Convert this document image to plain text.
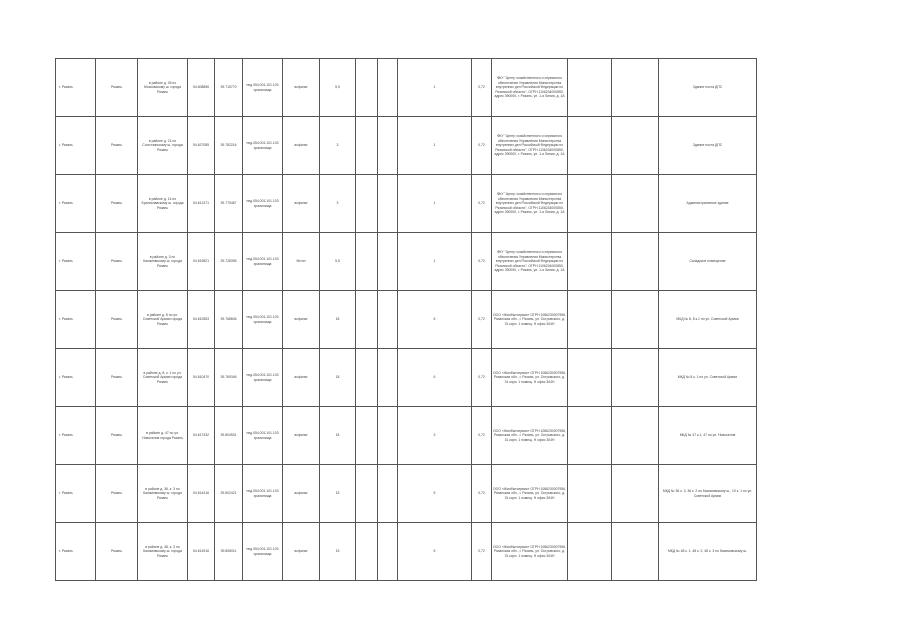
г. Рязань	Рязань	в районе д. 45 по Московскому ш. города Рязань	54.608856	39.715770	нпд.054.001.101.103 хранилища	асфальт	5,5			1	0,72	ФКУ "Центр хозяйственного и сервисного обеспечения Управления Министерства внутренних дел Российской Федерации по Рязанской области", ОГРН 1106234000850, адрес 390000, г. Рязань, ул. 1-я Линия, д. 1А			Здание поста ДПС
г. Рязань	Рязань	в районе д. 21 по Солотчинскому ш. города Рязань	54.627085	39.782216	нпд.054.001.101.103 хранилища	асфальт	3			1	0,72	ФКУ "Центр хозяйственного и сервисного обеспечения Управления Министерства внутренних дел Российской Федерации по Рязанской области", ОГРН 1106234000850, адрес 390000, г. Рязань, ул. 1-я Линия, д. 1А			Здание поста ДПС
г. Рязань	Рязань	в районе д. 14 по Братиславскому ш. города Рязань	54.612471	39.775467	нпд.054.001.101.103 хранилища	асфальт	3			1	0,72	ФКУ "Центр хозяйственного и сервисного обеспечения Управления Министерства внутренних дел Российской Федерации по Рязанской области", ОГРН 1106234000850, адрес 390000, г. Рязань, ул. 1-я Линия, д. 1А			Административное здание
г. Рязань	Рязань	в районе д. 3 по Касимовскому ш. города Рязань	54.619821	39.728395	нпд.054.001.101.103 хранилища	бетон	5,5			1	0,72	ФКУ "Центр хозяйственного и сервисного обеспечения Управления Министерства внутренних дел Российской Федерации по Рязанской области", ОГРН 1106234000850, адрес 390000, г. Рязань, ул. 1-я Линия, д. 1А			Складское помещение
г. Рязань	Рязань	в районе д. 8 по ул. Советской Армии города Рязань	54.610553	39.768846	нпд.054.001.101.103 хранилища	асфальт	18			6	0,72	ООО «Жилбытсервис» ОГРН 1086230007956, Рязанская обл., г. Рязань, ул. Островского, д. 31 корп. 1 помещ. Н офис 304Н			МКД № 8, 8 к.1 по ул. Советской Армии
г. Рязань	Рязань	в районе д. 8, к. 1 по ул. Советской Армии города Рязань	54.610470	39.769346	нпд.054.001.101.103 хранилища	асфальт	18			6	0,72	ООО «Жилбытсервис» ОГРН 1086230007956, Рязанская обл., г. Рязань, ул. Островского, д. 31 корп. 1 помещ. Н офис 304Н			МКД № 8 к. 1 по ул. Советской Армии
г. Рязань	Рязань	в районе д. 47 по ул. Новоселов города Рязань	54.617432	39.804531	нпд.054.001.101.103 хранилища	асфальт	18			3	0,72	ООО «Жилбытсервис» ОГРН 1086230007956, Рязанская обл., г. Рязань, ул. Островского, д. 31 корп. 1 помещ. Н офис 304Н			МКД № 47 к.1, 47 по ул. Новоселов
г. Рязань	Рязань	в районе д. 36, к. 3 по Касимовскому ш. города Рязань	54.614416	39.802421	нпд.054.001.101.103 хранилища	асфальт	15			5	0,72	ООО «Жилбытсервис» ОГРН 1086230007956, Рязанская обл., г. Рязань, ул. Островского, д. 31 корп. 1 помещ. Н офис 304Н			МКД № 36 к. 3, 36 к. 2 по Касимовскому ш., 10 к. 1 по ул. Советской Армии
г. Рязань	Рязань	в районе д. 48, к. 3 по Касимовскому ш. города Рязань	54.614916	39.808011	нпд.054.001.101.103 хранилища	асфальт	15			5	0,72	ООО «Жилбытсервис» ОГРН 1086230007956, Рязанская обл., г. Рязань, ул. Островского, д. 31 корп. 1 помещ. Н офис 304Н			МКД № 48 к. 1, 48 к. 2, 48 к. 3 по Касимовскому ш.
